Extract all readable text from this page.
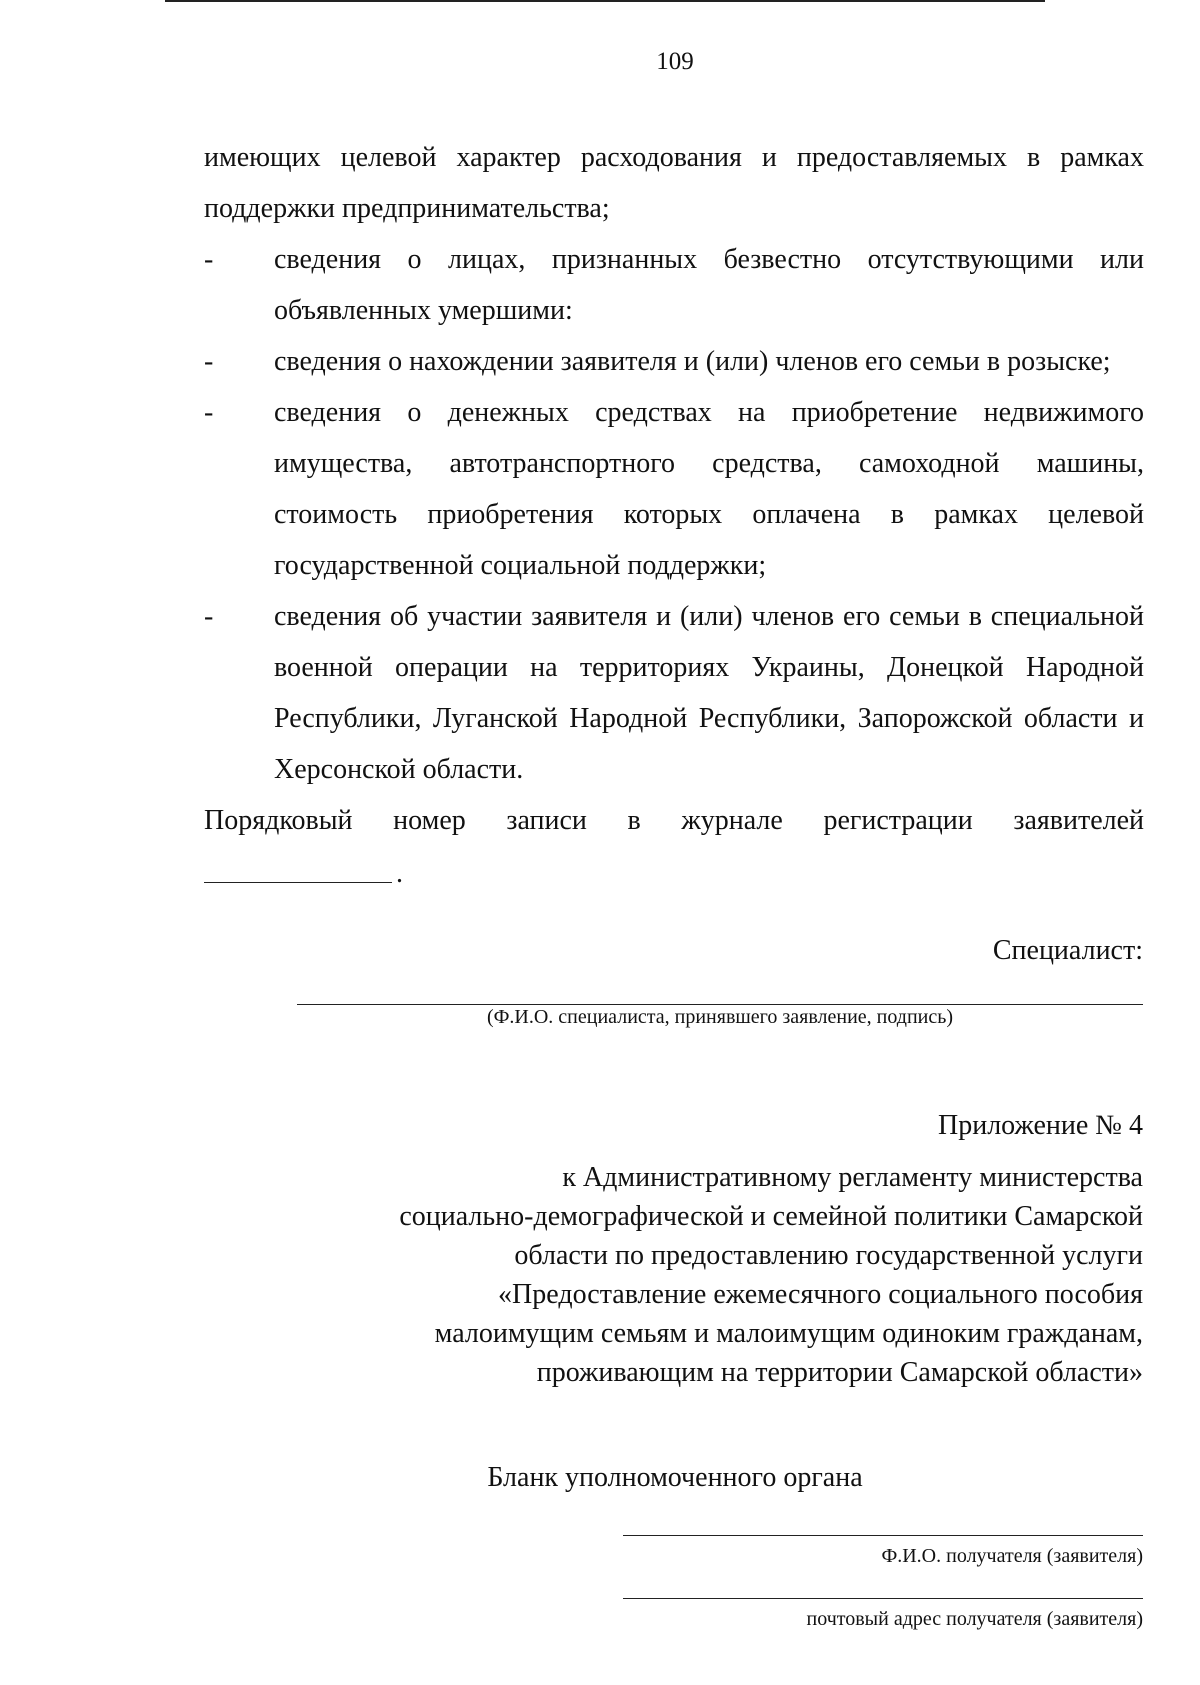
109

имеющих целевой характер расходования и предоставляемых в рамках поддержки предпринимательства;

-	сведения о лицах, признанных безвестно отсутствующими или объявленных умершими:
-	сведения о нахождении заявителя и (или) членов его семьи в розыске;
-	сведения о денежных средствах на приобретение недвижимого имущества, автотранспортного средства, самоходной машины, стоимость приобретения которых оплачена в рамках целевой государственной социальной поддержки;
-	сведения об участии заявителя и (или) членов его семьи в специальной военной операции на территориях Украины, Донецкой Народной Республики, Луганской Народной Республики, Запорожской области и Херсонской области.

Порядковый номер записи в журнале регистрации заявителей

.
Специалист:
(Ф.И.О. специалиста, принявшего заявление, подпись)
Приложение № 4
к Административному регламенту министерства
социально-демографической и семейной политики Самарской
области по предоставлению государственной услуги
«Предоставление ежемесячного социального пособия
малоимущим семьям и малоимущим одиноким гражданам,
проживающим на территории Самарской области»
Бланк уполномоченного органа
Ф.И.О. получателя (заявителя)
почтовый адрес получателя (заявителя)
